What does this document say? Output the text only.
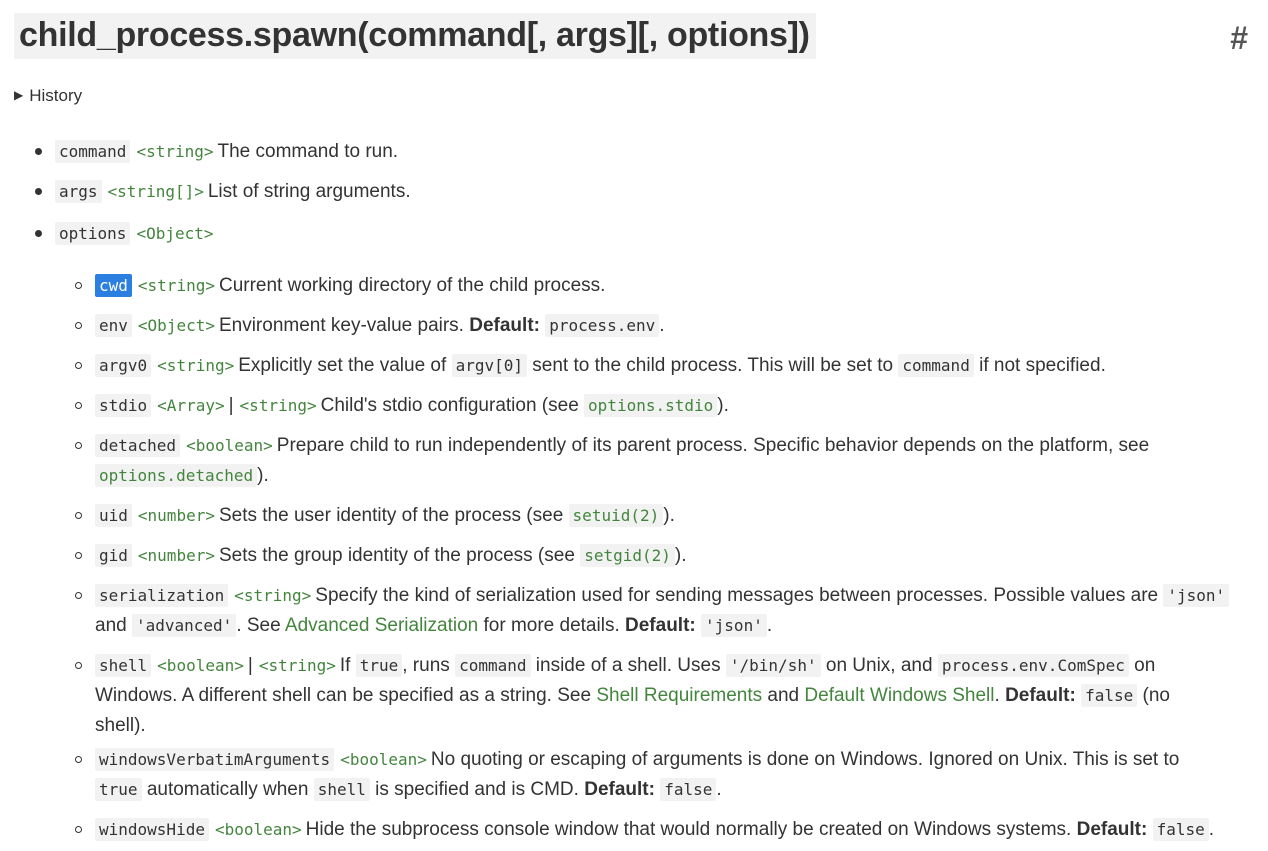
child_process.spawn(command[, args][, options])	#
▶ History
command <string> The command to run.
args <string[]> List of string arguments.
options <Object>
cwd <string> Current working directory of the child process.
env <Object> Environment key-value pairs. Default: process.env .
argv0 <string> Explicitly set the value of argv[0] sent to the child process. This will be set to command if not specified.
stdio <Array> | <string> Child's stdio configuration (see options.stdio ).
detached <boolean> Prepare child to run independently of its parent process. Specific behavior depends on the platform, see
options.detached ).
uid <number> Sets the user identity of the process (see setuid(2) ).
gid <number> Sets the group identity of the process (see setgid(2) ).
serialization <string> Specify the kind of serialization used for sending messages between processes. Possible values are 'json'
and 'advanced' . See Advanced Serialization for more details. Default: 'json' .
shell <boolean> | <string> If true , runs command inside of a shell. Uses '/bin/sh' on Unix, and process.env.ComSpec on
Windows. A different shell can be specified as a string. See Shell Requirements and Default Windows Shell. Default: false (no
shell).
windowsVerbatimArguments <boolean> No quoting or escaping of arguments is done on Windows. Ignored on Unix. This is set to
true automatically when shell is specified and is CMD. Default: false .
windowsHide <boolean> Hide the subprocess console window that would normally be created on Windows systems. Default: false .
